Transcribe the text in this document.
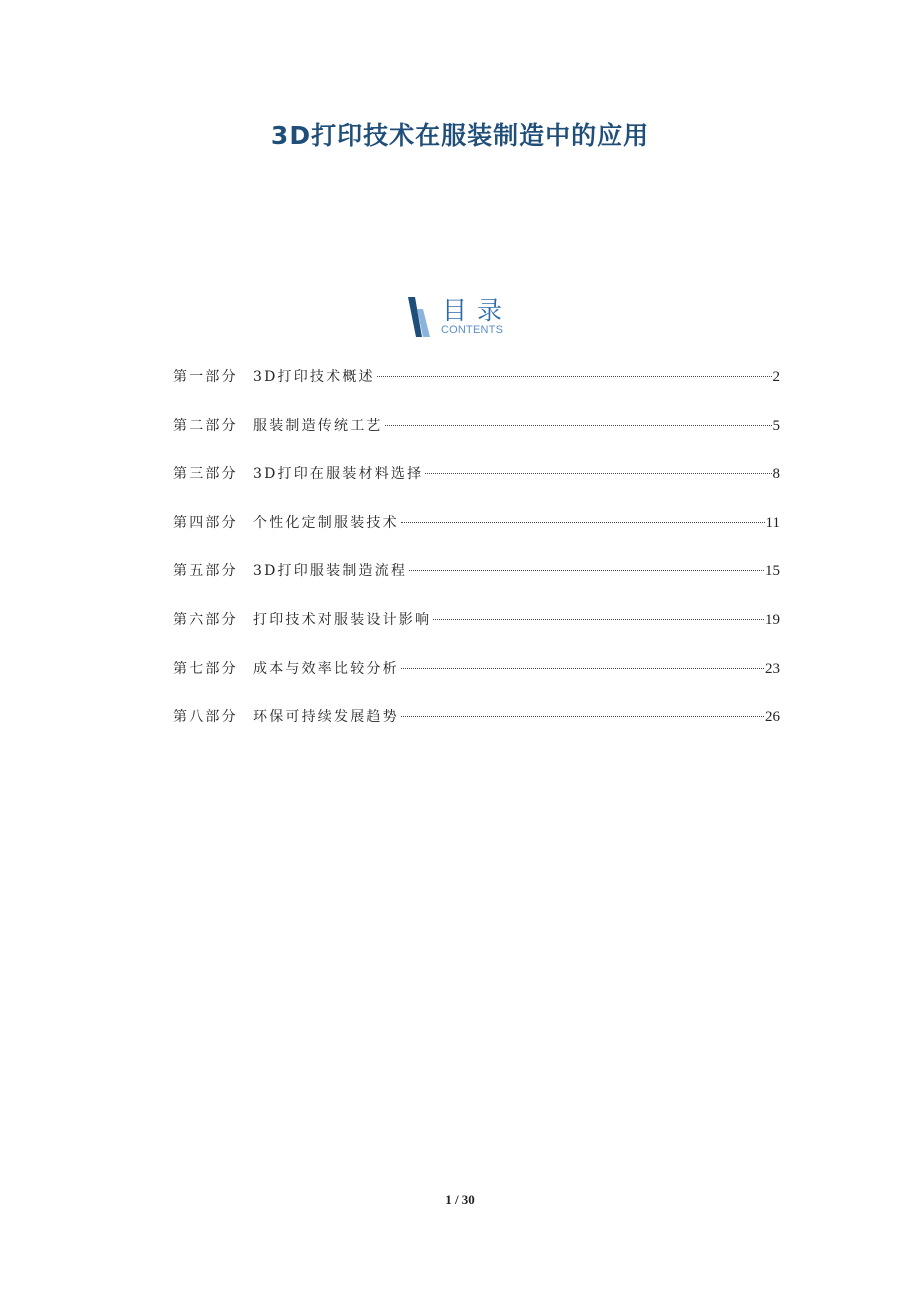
3D打印技术在服装制造中的应用
目录
CONTENTS
第一部分	3D打印技术概述	2
第二部分	服装制造传统工艺	5
第三部分	3D打印在服装材料选择	8
第四部分	个性化定制服装技术	11
第五部分	3D打印服装制造流程	15
第六部分	打印技术对服装设计影响	19
第七部分	成本与效率比较分析	23
第八部分	环保可持续发展趋势	26
1 / 30
